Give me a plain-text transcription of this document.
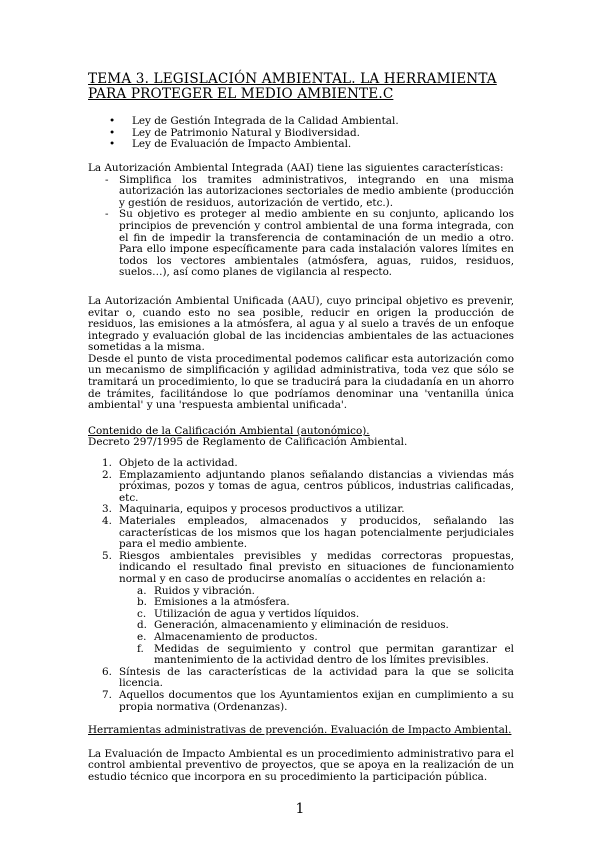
TEMA 3. LEGISLACIÓN AMBIENTAL. LA HERRAMIENTA PARA PROTEGER EL MEDIO AMBIENTE.C
• Ley de Gestión Integrada de la Calidad Ambiental.
• Ley de Patrimonio Natural y Biodiversidad.
• Ley de Evaluación de Impacto Ambiental.

La Autorización Ambiental Integrada (AAI) tiene las siguientes características:

- Simplifica los tramites administrativos, integrando en una misma autorización las autorizaciones sectoriales de medio ambiente (producción y gestión de residuos, autorización de vertido, etc.).
- Su objetivo es proteger al medio ambiente en su conjunto, aplicando los principios de prevención y control ambiental de una forma integrada, con el fin de impedir la transferencia de contaminación de un medio a otro. Para ello impone específicamente para cada instalación valores límites en todos los vectores ambientales (atmósfera, aguas, ruidos, residuos, suelos…), así como planes de vigilancia al respecto.

La Autorización Ambiental Unificada (AAU), cuyo principal objetivo es prevenir, evitar o, cuando esto no sea posible, reducir en origen la producción de residuos, las emisiones a la atmósfera, al agua y al suelo a través de un enfoque integrado y evaluación global de las incidencias ambientales de las actuaciones sometidas a la misma.

Desde el punto de vista procedimental podemos calificar esta autorización como un mecanismo de simplificación y agilidad administrativa, toda vez que sólo se tramitará un procedimiento, lo que se traducirá para la ciudadanía en un ahorro de trámites, facilitándose lo que podríamos denominar una 'ventanilla única ambiental' y una 'respuesta ambiental unificada'.

Contenido de la Calificación Ambiental (autonómico).

Decreto 297/1995 de Reglamento de Calificación Ambiental.

1. Objeto de la actividad.
2. Emplazamiento adjuntando planos señalando distancias a viviendas más próximas, pozos y tomas de agua, centros públicos, industrias calificadas, etc.
3. Maquinaria, equipos y procesos productivos a utilizar.
4. Materiales empleados, almacenados y producidos, señalando las características de los mismos que los hagan potencialmente perjudiciales para el medio ambiente.
5. Riesgos ambientales previsibles y medidas correctoras propuestas, indicando el resultado final previsto en situaciones de funcionamiento normal y en caso de producirse anomalías o accidentes en relación a:
a. Ruidos y vibración.
b. Emisiones a la atmósfera.
c. Utilización de agua y vertidos líquidos.
d. Generación, almacenamiento y eliminación de residuos.
e. Almacenamiento de productos.
f. Medidas de seguimiento y control que permitan garantizar el mantenimiento de la actividad dentro de los límites previsibles.
6. Síntesis de las características de la actividad para la que se solicita licencia.
7. Aquellos documentos que los Ayuntamientos exijan en cumplimiento a su propia normativa (Ordenanzas).

Herramientas administrativas de prevención. Evaluación de Impacto Ambiental.

La Evaluación de Impacto Ambiental es un procedimiento administrativo para el control ambiental preventivo de proyectos, que se apoya en la realización de un estudio técnico que incorpora en su procedimiento la participación pública.

1
